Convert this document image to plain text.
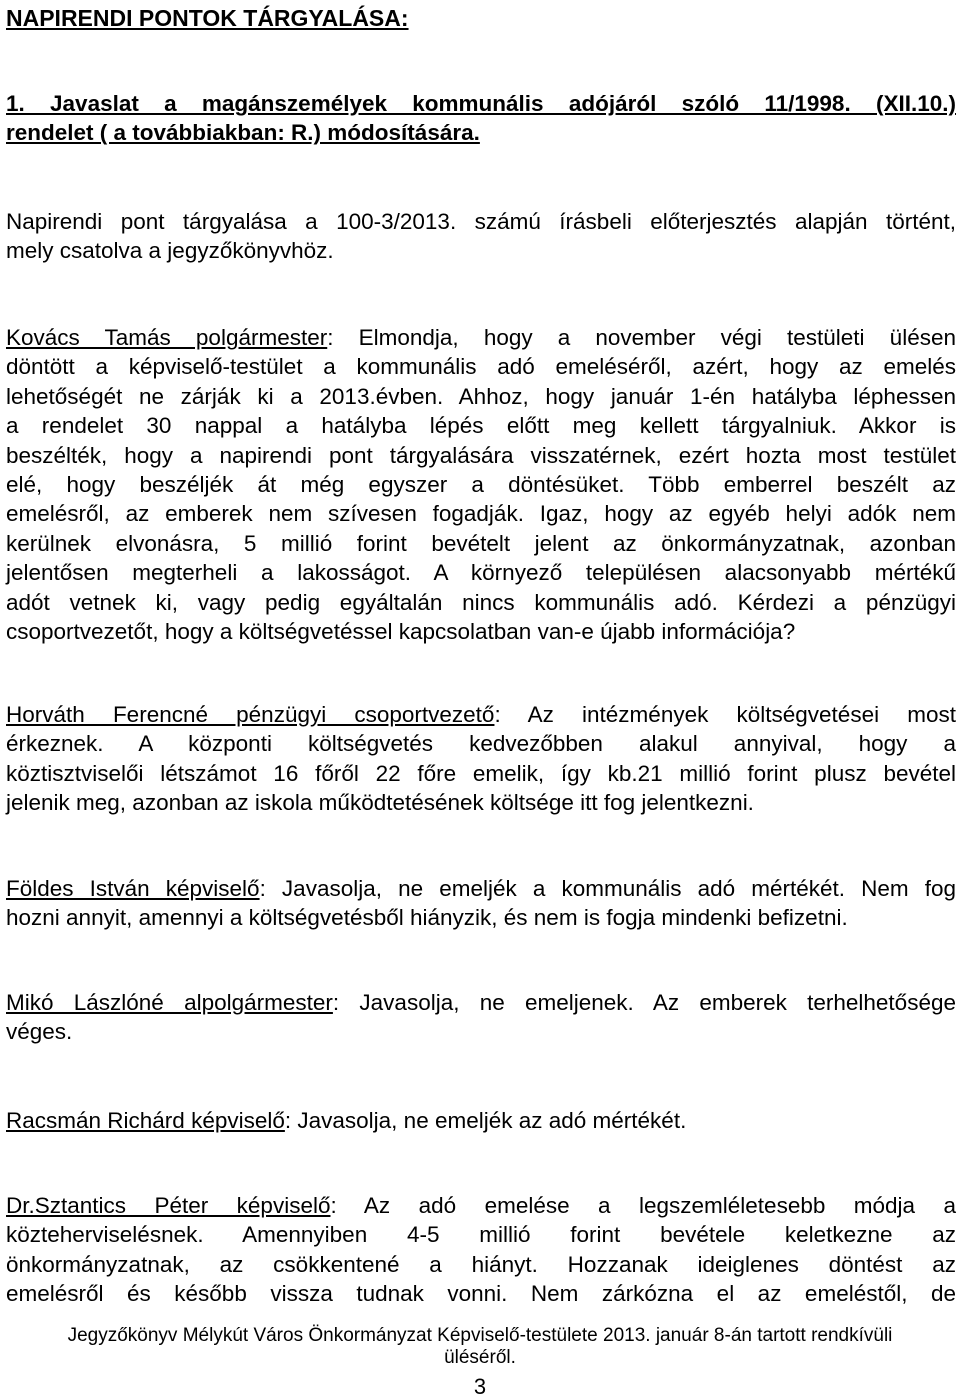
NAPIRENDI PONTOK TÁRGYALÁSA:
1. Javaslat a magánszemélyek kommunális adójáról szóló 11/1998. (XII.10.)
rendelet ( a továbbiakban: R.) módosítására.
Napirendi pont tárgyalása a 100-3/2013. számú írásbeli előterjesztés alapján történt,
mely csatolva a jegyzőkönyvhöz.
Kovács Tamás polgármester: Elmondja, hogy a november végi testületi ülésen
döntött a képviselő-testület a kommunális adó emeléséről, azért, hogy az emelés
lehetőségét ne zárják ki a 2013.évben. Ahhoz, hogy január 1-én hatályba léphessen
a rendelet 30 nappal a hatályba lépés előtt meg kellett tárgyalniuk. Akkor is
beszélték, hogy a napirendi pont tárgyalására visszatérnek, ezért hozta most testület
elé, hogy beszéljék át még egyszer a döntésüket. Több emberrel beszélt az
emelésről, az emberek nem szívesen fogadják. Igaz, hogy az egyéb helyi adók nem
kerülnek elvonásra, 5 millió forint bevételt jelent az önkormányzatnak, azonban
jelentősen megterheli a lakosságot. A környező településen alacsonyabb mértékű
adót vetnek ki, vagy pedig egyáltalán nincs kommunális adó. Kérdezi a pénzügyi
csoportvezetőt, hogy a költségvetéssel kapcsolatban van-e újabb információja?
Horváth Ferencné pénzügyi csoportvezető: Az intézmények költségvetései most
érkeznek. A központi költségvetés kedvezőbben alakul annyival, hogy a
köztisztviselői létszámot 16 főről 22 főre emelik, így kb.21 millió forint plusz bevétel
jelenik meg, azonban az iskola működtetésének költsége itt fog jelentkezni.
Földes István képviselő: Javasolja, ne emeljék a kommunális adó mértékét. Nem fog
hozni annyit, amennyi a költségvetésből hiányzik, és nem is fogja mindenki befizetni.
Mikó Lászlóné alpolgármester: Javasolja, ne emeljenek. Az emberek terhelhetősége
véges.
Racsmán Richárd képviselő: Javasolja, ne emeljék az adó mértékét.
Dr.Sztantics Péter képviselő: Az adó emelése a legszemléletesebb módja a
közteherviselésnek. Amennyiben 4-5 millió forint bevétele keletkezne az
önkormányzatnak, az csökkentené a hiányt. Hozzanak ideiglenes döntést az
emelésről és később vissza tudnak vonni. Nem zárkózna el az emeléstől, de
Jegyzőkönyv Mélykút Város Önkormányzat Képviselő-testülete 2013. január 8-án tartott rendkívüli
üléséről.
3
